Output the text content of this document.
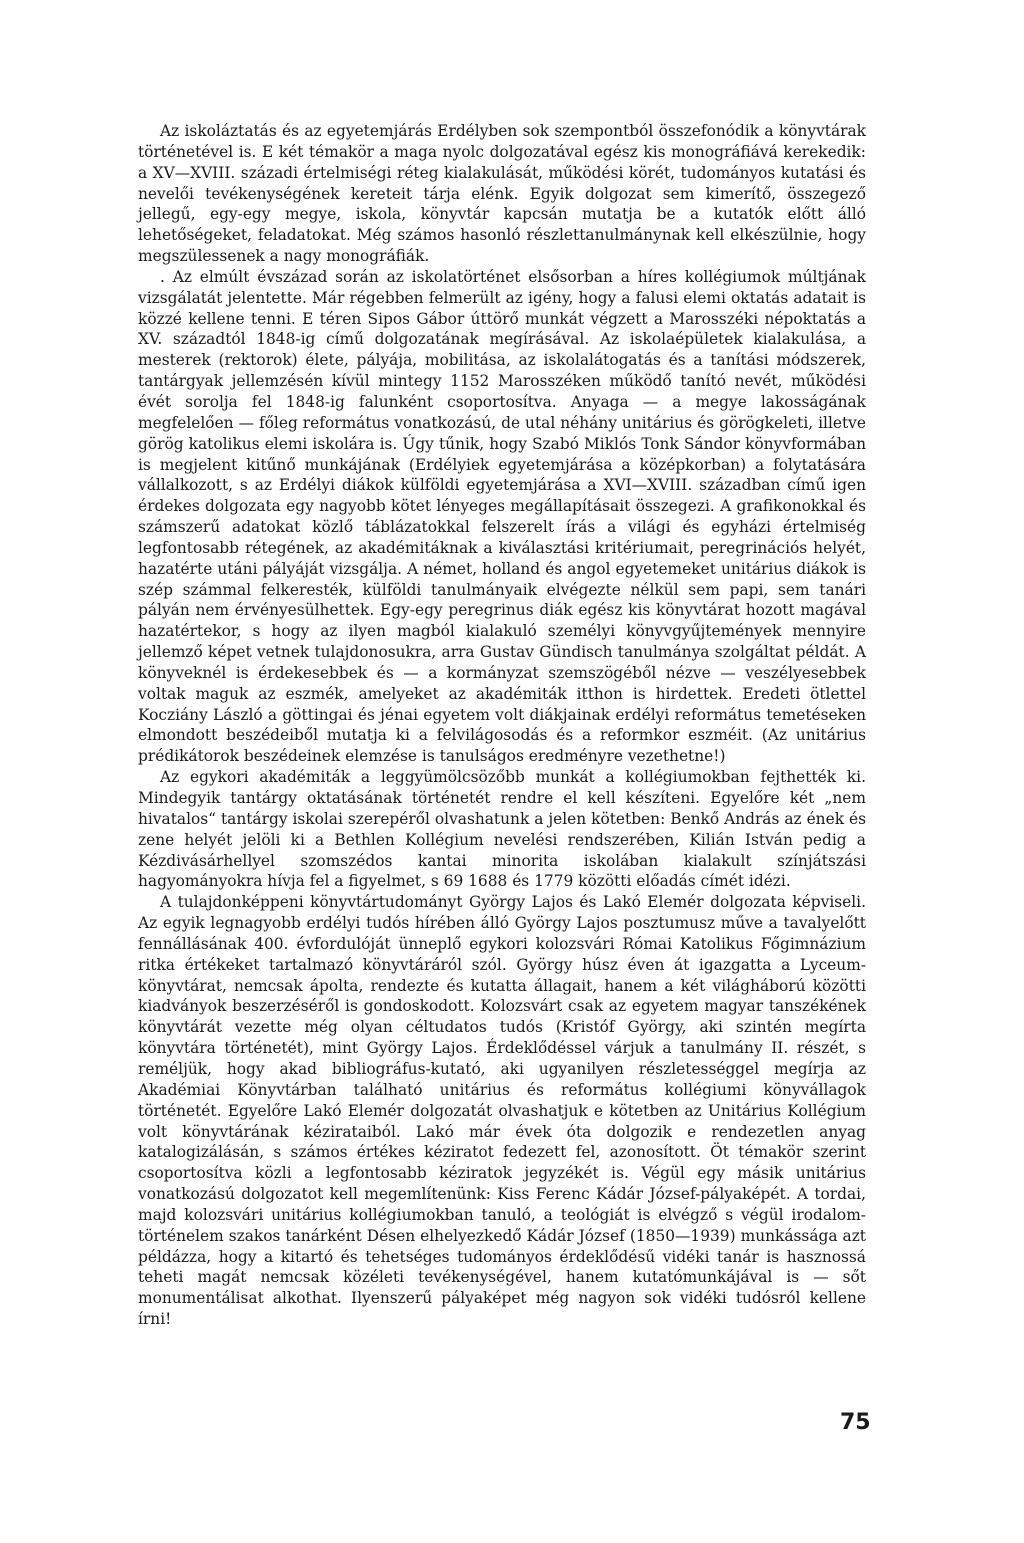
Az iskoláztatás és az egyetemjárás Erdélyben sok szempontból összefonódik a könyvtárak történetével is. E két témakör a maga nyolc dolgozatával egész kis monográfiává kerekedik: a XV—XVIII. századi értelmiségi réteg kialakulását, működési körét, tudományos kutatási és nevelői tevékenységének kereteit tárja elénk. Egyik dolgozat sem kimerítő, összegező jellegű, egy-egy megye, iskola, könyvtár kapcsán mutatja be a kutatók előtt álló lehetőségeket, feladatokat. Még számos hasonló részlettanulmánynak kell elkészülnie, hogy megszülessenek a nagy monográfiák.

. Az elmúlt évszázad során az iskolatörténet elsősorban a híres kollégiumok múltjának vizsgálatát jelentette. Már régebben felmerült az igény, hogy a falusi elemi oktatás adatait is közzé kellene tenni. E téren Sipos Gábor úttörő munkát végzett a Marosszéki népoktatás a XV. századtól 1848-ig című dolgozatának megírásával. Az iskolaépületek kialakulása, a mesterek (rektorok) élete, pályája, mobilitása, az iskolalátogatás és a tanítási módszerek, tantárgyak jellemzésén kívül mintegy 1152 Marosszéken működő tanító nevét, működési évét sorolja fel 1848-ig falunként csoportosítva. Anyaga — a megye lakosságának megfelelően — főleg református vonatkozású, de utal néhány unitárius és görögkeleti, illetve görög katolikus elemi iskolára is. Úgy tűnik, hogy Szabó Miklós Tonk Sándor könyvformában is megjelent kitűnő munkájának (Erdélyiek egyetemjárása a középkorban) a folytatására vállalkozott, s az Erdélyi diákok külföldi egyetemjárása a XVI—XVIII. században című igen érdekes dolgozata egy nagyobb kötet lényeges megállapításait összegezi. A grafikonokkal és számszerű adatokat közlő táblázatokkal felszerelt írás a világi és egyházi értelmiség legfontosabb rétegének, az akadémitáknak a kiválasztási kritériumait, peregrinációs helyét, hazatérte utáni pályáját vizsgálja. A német, holland és angol egyetemeket unitárius diákok is szép számmal felkeresték, külföldi tanulmányaik elvégezte nélkül sem papi, sem tanári pályán nem érvényesülhettek. Egy-egy peregrinus diák egész kis könyvtárat hozott magával hazatértekor, s hogy az ilyen magból kialakuló személyi könyvgyűjtemények mennyire jellemző képet vetnek tulajdonosukra, arra Gustav Gündisch tanulmánya szolgáltat példát. A könyveknél is érdekesebbek és — a kormányzat szemszögéből nézve — veszélyesebbek voltak maguk az eszmék, amelyeket az akadémiták itthon is hirdettek. Eredeti ötlettel Kocziány László a göttingai és jénai egyetem volt diákjainak erdélyi református temetéseken elmondott beszédeiből mutatja ki a felvilágosodás és a reformkor eszméit. (Az unitárius prédikátorok beszédeinek elemzése is tanulságos eredményre vezethetne!)

Az egykori akadémiták a leggyümölcsözőbb munkát a kollégiumokban fejthették ki. Mindegyik tantárgy oktatásának történetét rendre el kell készíteni. Egyelőre két „nem hivatalos“ tantárgy iskolai szerepéről olvashatunk a jelen kötetben: Benkő András az ének és zene helyét jelöli ki a Bethlen Kollégium nevelési rendszerében, Kilián István pedig a Kézdivásárhellyel szomszédos kantai minorita iskolában kialakult színjátszási hagyományokra hívja fel a figyelmet, s 69 1688 és 1779 közötti előadás címét idézi.

A tulajdonképpeni könyvtártudományt György Lajos és Lakó Elemér dolgozata képviseli. Az egyik legnagyobb erdélyi tudós hírében álló György Lajos posztumusz műve a tavalyelőtt fennállásának 400. évfordulóját ünneplő egykori kolozsvári Római Katolikus Főgimnázium ritka értékeket tartalmazó könyvtáráról szól. György húsz éven át igazgatta a Lyceum-könyvtárat, nemcsak ápolta, rendezte és kutatta állagait, hanem a két világháború közötti kiadványok beszerzéséről is gondoskodott. Kolozsvárt csak az egyetem magyar tanszékének könyvtárát vezette még olyan céltudatos tudós (Kristóf György, aki szintén megírta könyvtára történetét), mint György Lajos. Érdeklődéssel várjuk a tanulmány II. részét, s reméljük, hogy akad bibliográfus-kutató, aki ugyanilyen részletességgel megírja az Akadémiai Könyvtárban található unitárius és református kollégiumi könyvállagok történetét. Egyelőre Lakó Elemér dolgozatát olvashatjuk e kötetben az Unitárius Kollégium volt könyvtárának kézirataiból. Lakó már évek óta dolgozik e rendezetlen anyag katalogizálásán, s számos értékes kéziratot fedezett fel, azonosított. Öt témakör szerint csoportosítva közli a legfontosabb kéziratok jegyzékét is. Végül egy másik unitárius vonatkozású dolgozatot kell megemlítenünk: Kiss Ferenc Kádár József-pályaképét. A tordai, majd kolozsvári unitárius kollégiumokban tanuló, a teológiát is elvégző s végül irodalom-történelem szakos tanárként Désen elhelyezkedő Kádár József (1850—1939) munkássága azt példázza, hogy a kitartó és tehetséges tudományos érdeklődésű vidéki tanár is hasznossá teheti magát nemcsak közéleti tevékenységével, hanem kutatómunkájával is — sőt monumentálisat alkothat. Ilyenszerű pályaképet még nagyon sok vidéki tudósról kellene írni!

75
